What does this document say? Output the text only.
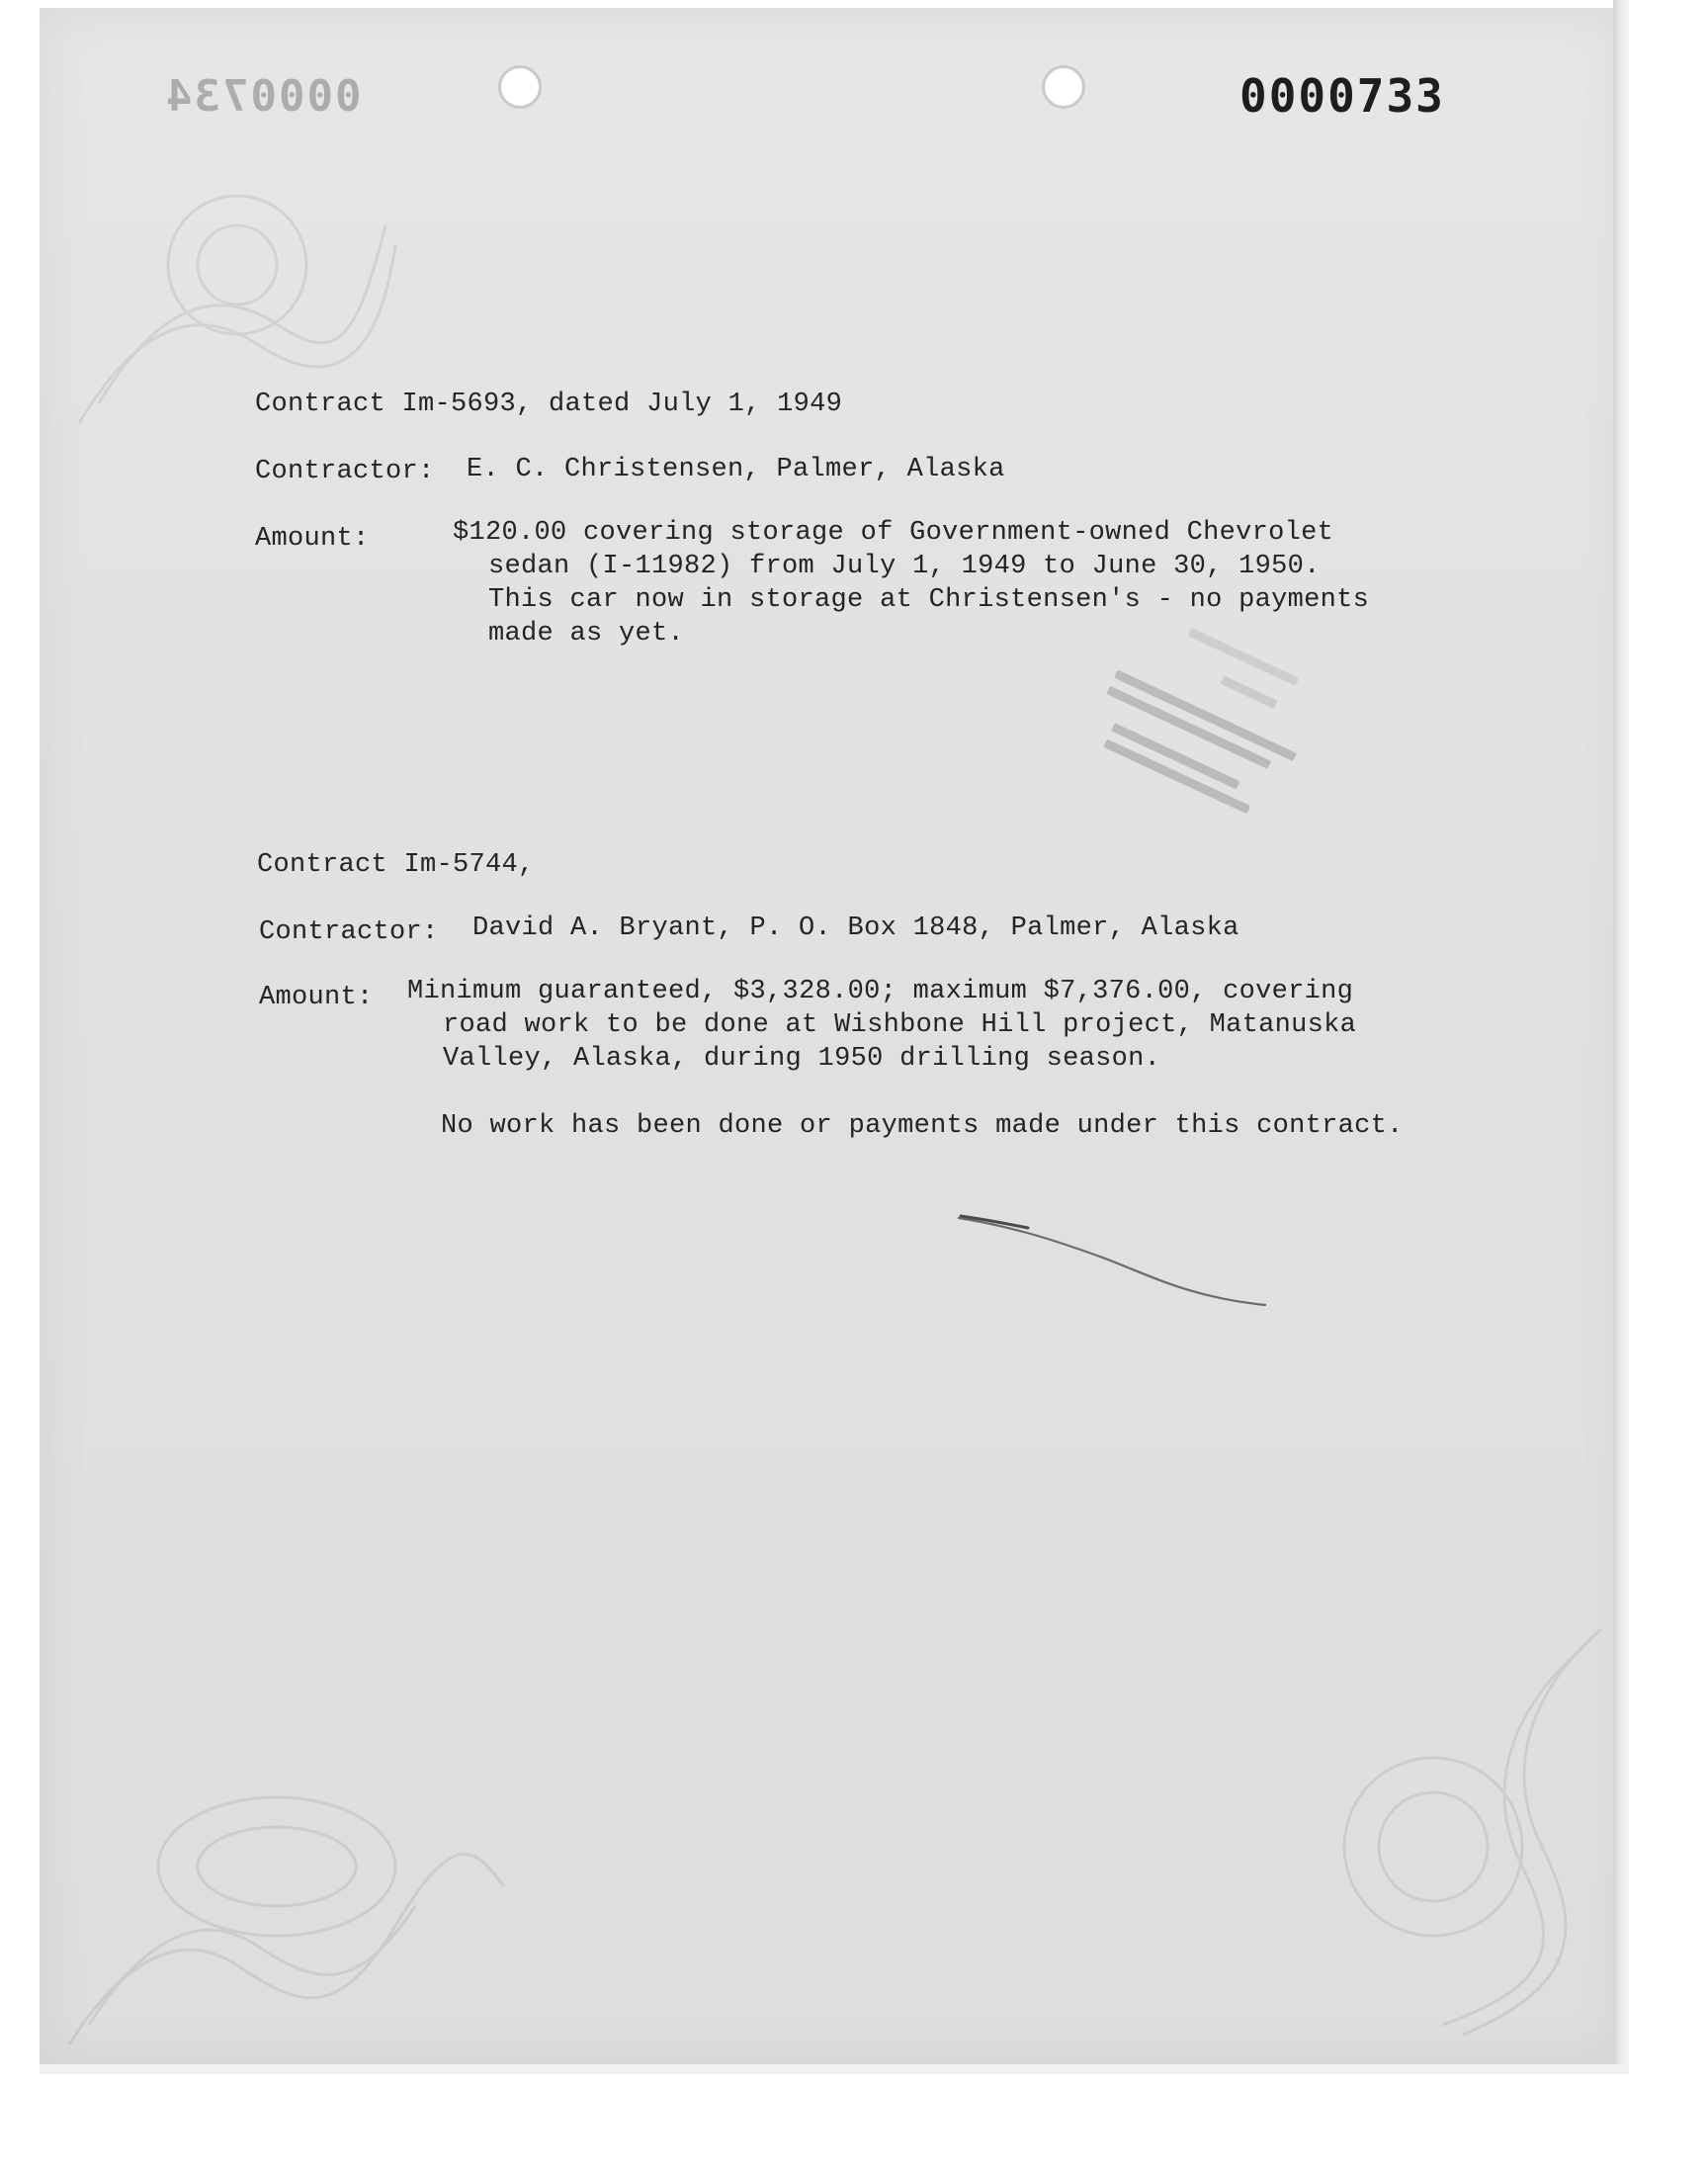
0000734	0000733
Contract Im-5693, dated July 1, 1949
Contractor: E. C. Christensen, Palmer, Alaska
Amount:	$120.00 covering storage of Government-owned Chevrolet
sedan (I-11982) from July 1, 1949 to June 30, 1950.
This car now in storage at Christensen's - no payments
made as yet.
Contract Im-5744,
Contractor: David A. Bryant, P. O. Box 1848, Palmer, Alaska
Amount: Minimum guaranteed, $3,328.00; maximum $7,376.00, covering
road work to be done at Wishbone Hill project, Matanuska
Valley, Alaska, during 1950 drilling season.
No work has been done or payments made under this contract.
